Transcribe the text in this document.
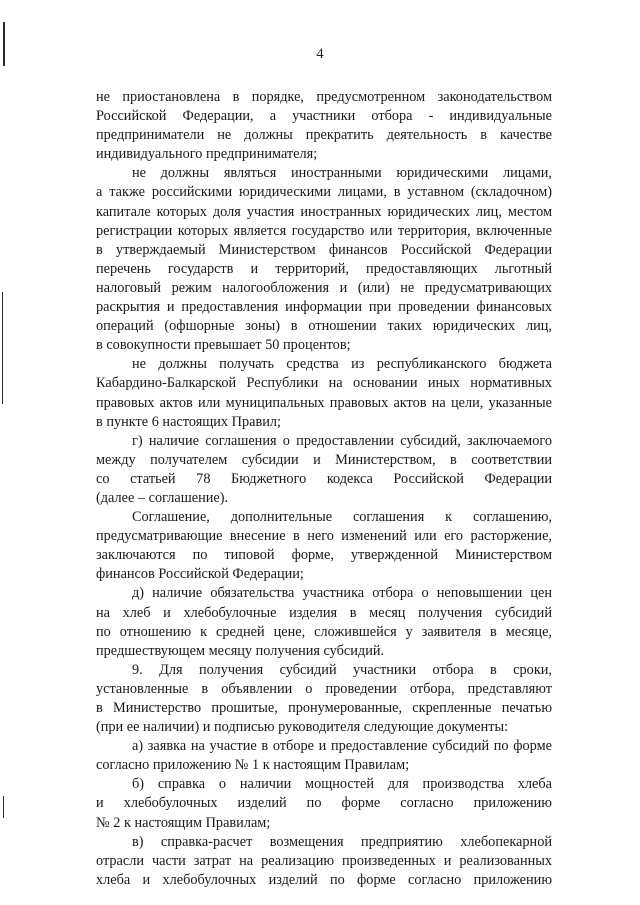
4
не приостановлена в порядке, предусмотренном законодательством
Российской Федерации, а участники отбора - индивидуальные
предприниматели не должны прекратить деятельность в качестве
индивидуального предпринимателя;
не должны являться иностранными юридическими лицами,
а также российскими юридическими лицами, в уставном (складочном)
капитале которых доля участия иностранных юридических лиц, местом
регистрации которых является государство или территория, включенные
в утверждаемый Министерством финансов Российской Федерации
перечень государств и территорий, предоставляющих льготный
налоговый режим налогообложения и (или) не предусматривающих
раскрытия и предоставления информации при проведении финансовых
операций (офшорные зоны) в отношении таких юридических лиц,
в совокупности превышает 50 процентов;
не должны получать средства из республиканского бюджета
Кабардино-Балкарской Республики на основании иных нормативных
правовых актов или муниципальных правовых актов на цели, указанные
в пункте 6 настоящих Правил;
г) наличие соглашения о предоставлении субсидий, заключаемого
между получателем субсидии и Министерством, в соответствии
со статьей 78 Бюджетного кодекса Российской Федерации
(далее – соглашение).
Соглашение, дополнительные соглашения к соглашению,
предусматривающие внесение в него изменений или его расторжение,
заключаются по типовой форме, утвержденной Министерством
финансов Российской Федерации;
д) наличие обязательства участника отбора о неповышении цен
на хлеб и хлебобулочные изделия в месяц получения субсидий
по отношению к средней цене, сложившейся у заявителя в месяце,
предшествующем месяцу получения субсидий.
9. Для получения субсидий участники отбора в сроки,
установленные в объявлении о проведении отбора, представляют
в Министерство прошитые, пронумерованные, скрепленные печатью
(при ее наличии) и подписью руководителя следующие документы:
а) заявка на участие в отборе и предоставление субсидий по форме
согласно приложению № 1 к настоящим Правилам;
б) справка о наличии мощностей для производства хлеба
и хлебобулочных изделий по форме согласно приложению
№ 2 к настоящим Правилам;
в) справка-расчет возмещения предприятию хлебопекарной
отрасли части затрат на реализацию произведенных и реализованных
хлеба и хлебобулочных изделий по форме согласно приложению
